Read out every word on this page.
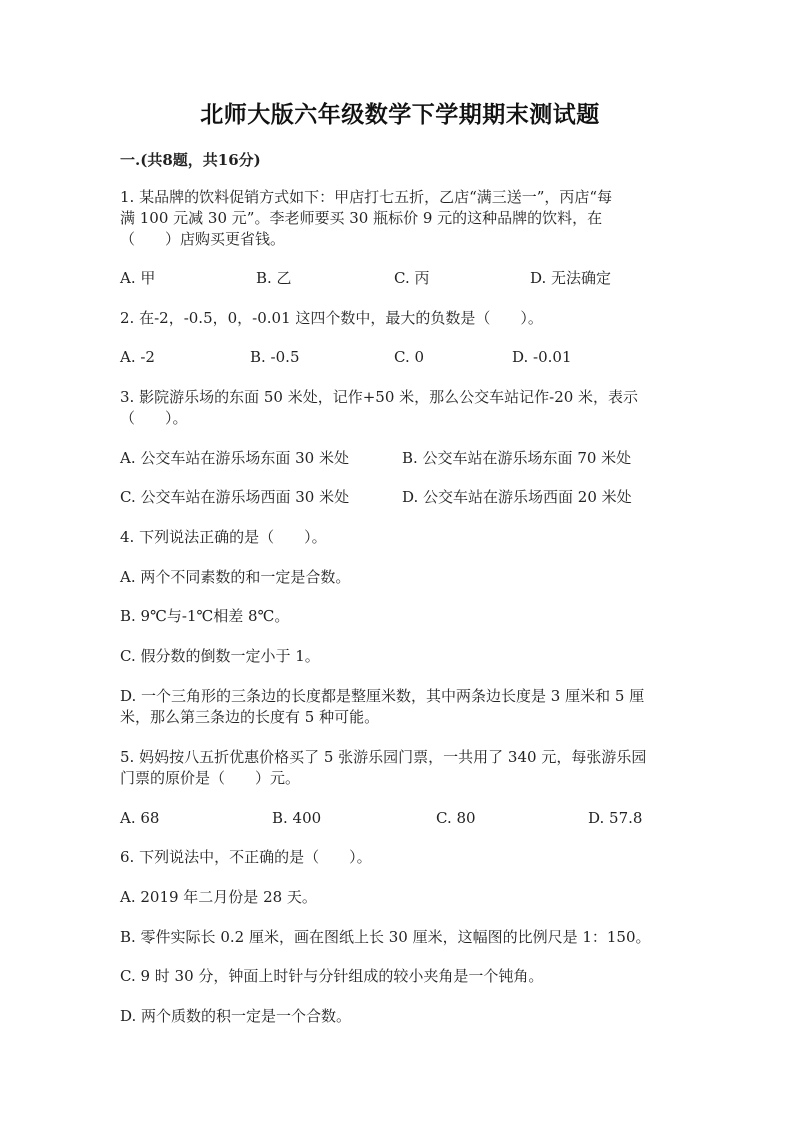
北师大版六年级数学下学期期末测试题
一.(共8题，共16分)
1. 某品牌的饮料促销方式如下：甲店打七五折，乙店“满三送一”，丙店“每
满 100 元减 30 元”。李老师要买 30 瓶标价 9 元的这种品牌的饮料，在
（　　）店购买更省钱。
A. 甲	B. 乙	C. 丙	D. 无法确定
2. 在-2，-0.5，0，-0.01 这四个数中，最大的负数是（　　）。
A. -2	B. -0.5	C. 0	D. -0.01
3. 影院游乐场的东面 50 米处，记作+50 米，那么公交车站记作-20 米，表示
（　　）。
A. 公交车站在游乐场东面 30 米处	B. 公交车站在游乐场东面 70 米处
C. 公交车站在游乐场西面 30 米处	D. 公交车站在游乐场西面 20 米处
4. 下列说法正确的是（　　）。
A. 两个不同素数的和一定是合数。
B. 9℃与-1℃相差 8℃。
C. 假分数的倒数一定小于 1。
D. 一个三角形的三条边的长度都是整厘米数，其中两条边长度是 3 厘米和 5 厘
米，那么第三条边的长度有 5 种可能。
5. 妈妈按八五折优惠价格买了 5 张游乐园门票，一共用了 340 元，每张游乐园
门票的原价是（　　）元。
A. 68	B. 400	C. 80	D. 57.8
6. 下列说法中，不正确的是（　　）。
A. 2019 年二月份是 28 天。
B. 零件实际长 0.2 厘米，画在图纸上长 30 厘米，这幅图的比例尺是 1：150。
C. 9 时 30 分，钟面上时针与分针组成的较小夹角是一个钝角。
D. 两个质数的积一定是一个合数。
